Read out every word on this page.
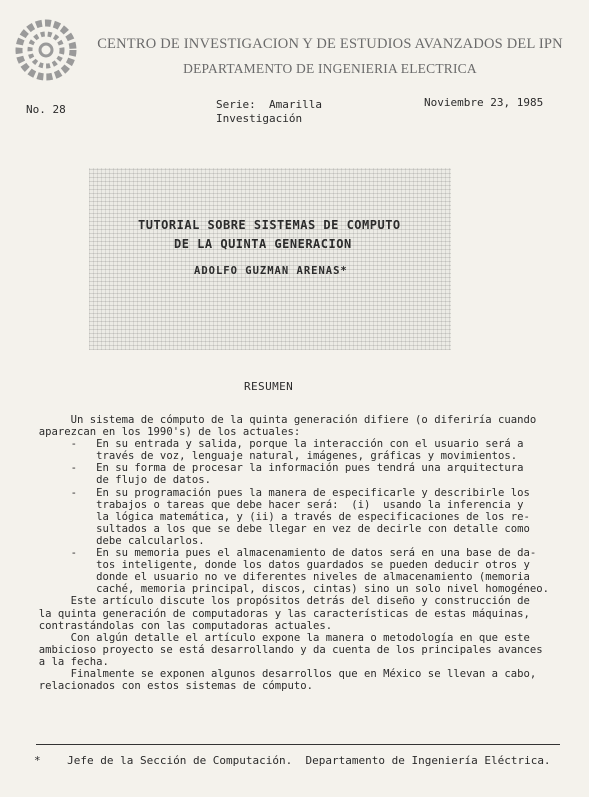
CENTRO DE INVESTIGACION Y DE ESTUDIOS AVANZADOS DEL IPN
DEPARTAMENTO DE INGENIERIA ELECTRICA
No. 28	Serie:  Amarilla
Investigación
Noviembre 23, 1985
TUTORIAL SOBRE SISTEMAS DE COMPUTO
DE LA QUINTA GENERACION
ADOLFO GUZMAN ARENAS*
RESUMEN
Un sistema de cómputo de la quinta generación difiere (o diferiría cuando
aparezcan en los 1990's) de los actuales:
-   En su entrada y salida, porque la interacción con el usuario será a
través de voz, lenguaje natural, imágenes, gráficas y movimientos.
-   En su forma de procesar la información pues tendrá una arquitectura
de flujo de datos.
-   En su programación pues la manera de especificarle y describirle los
trabajos o tareas que debe hacer será:  (i)  usando la inferencia y
la lógica matemática, y (ii) a través de especificaciones de los re-
sultados a los que se debe llegar en vez de decirle con detalle como
debe calcularlos.
-   En su memoria pues el almacenamiento de datos será en una base de da-
tos inteligente, donde los datos guardados se pueden deducir otros y
donde el usuario no ve diferentes niveles de almacenamiento (memoria
caché, memoria principal, discos, cintas) sino un solo nivel homogéneo.
Este artículo discute los propósitos detrás del diseño y construcción de
la quinta generación de computadoras y las características de estas máquinas,
contrastándolas con las computadoras actuales.
Con algún detalle el artículo expone la manera o metodología en que este
ambicioso proyecto se está desarrollando y da cuenta de los principales avances
a la fecha.
Finalmente se exponen algunos desarrollos que en México se llevan a cabo,
relacionados con estos sistemas de cómputo.
*    Jefe de la Sección de Computación.  Departamento de Ingeniería Eléctrica.
